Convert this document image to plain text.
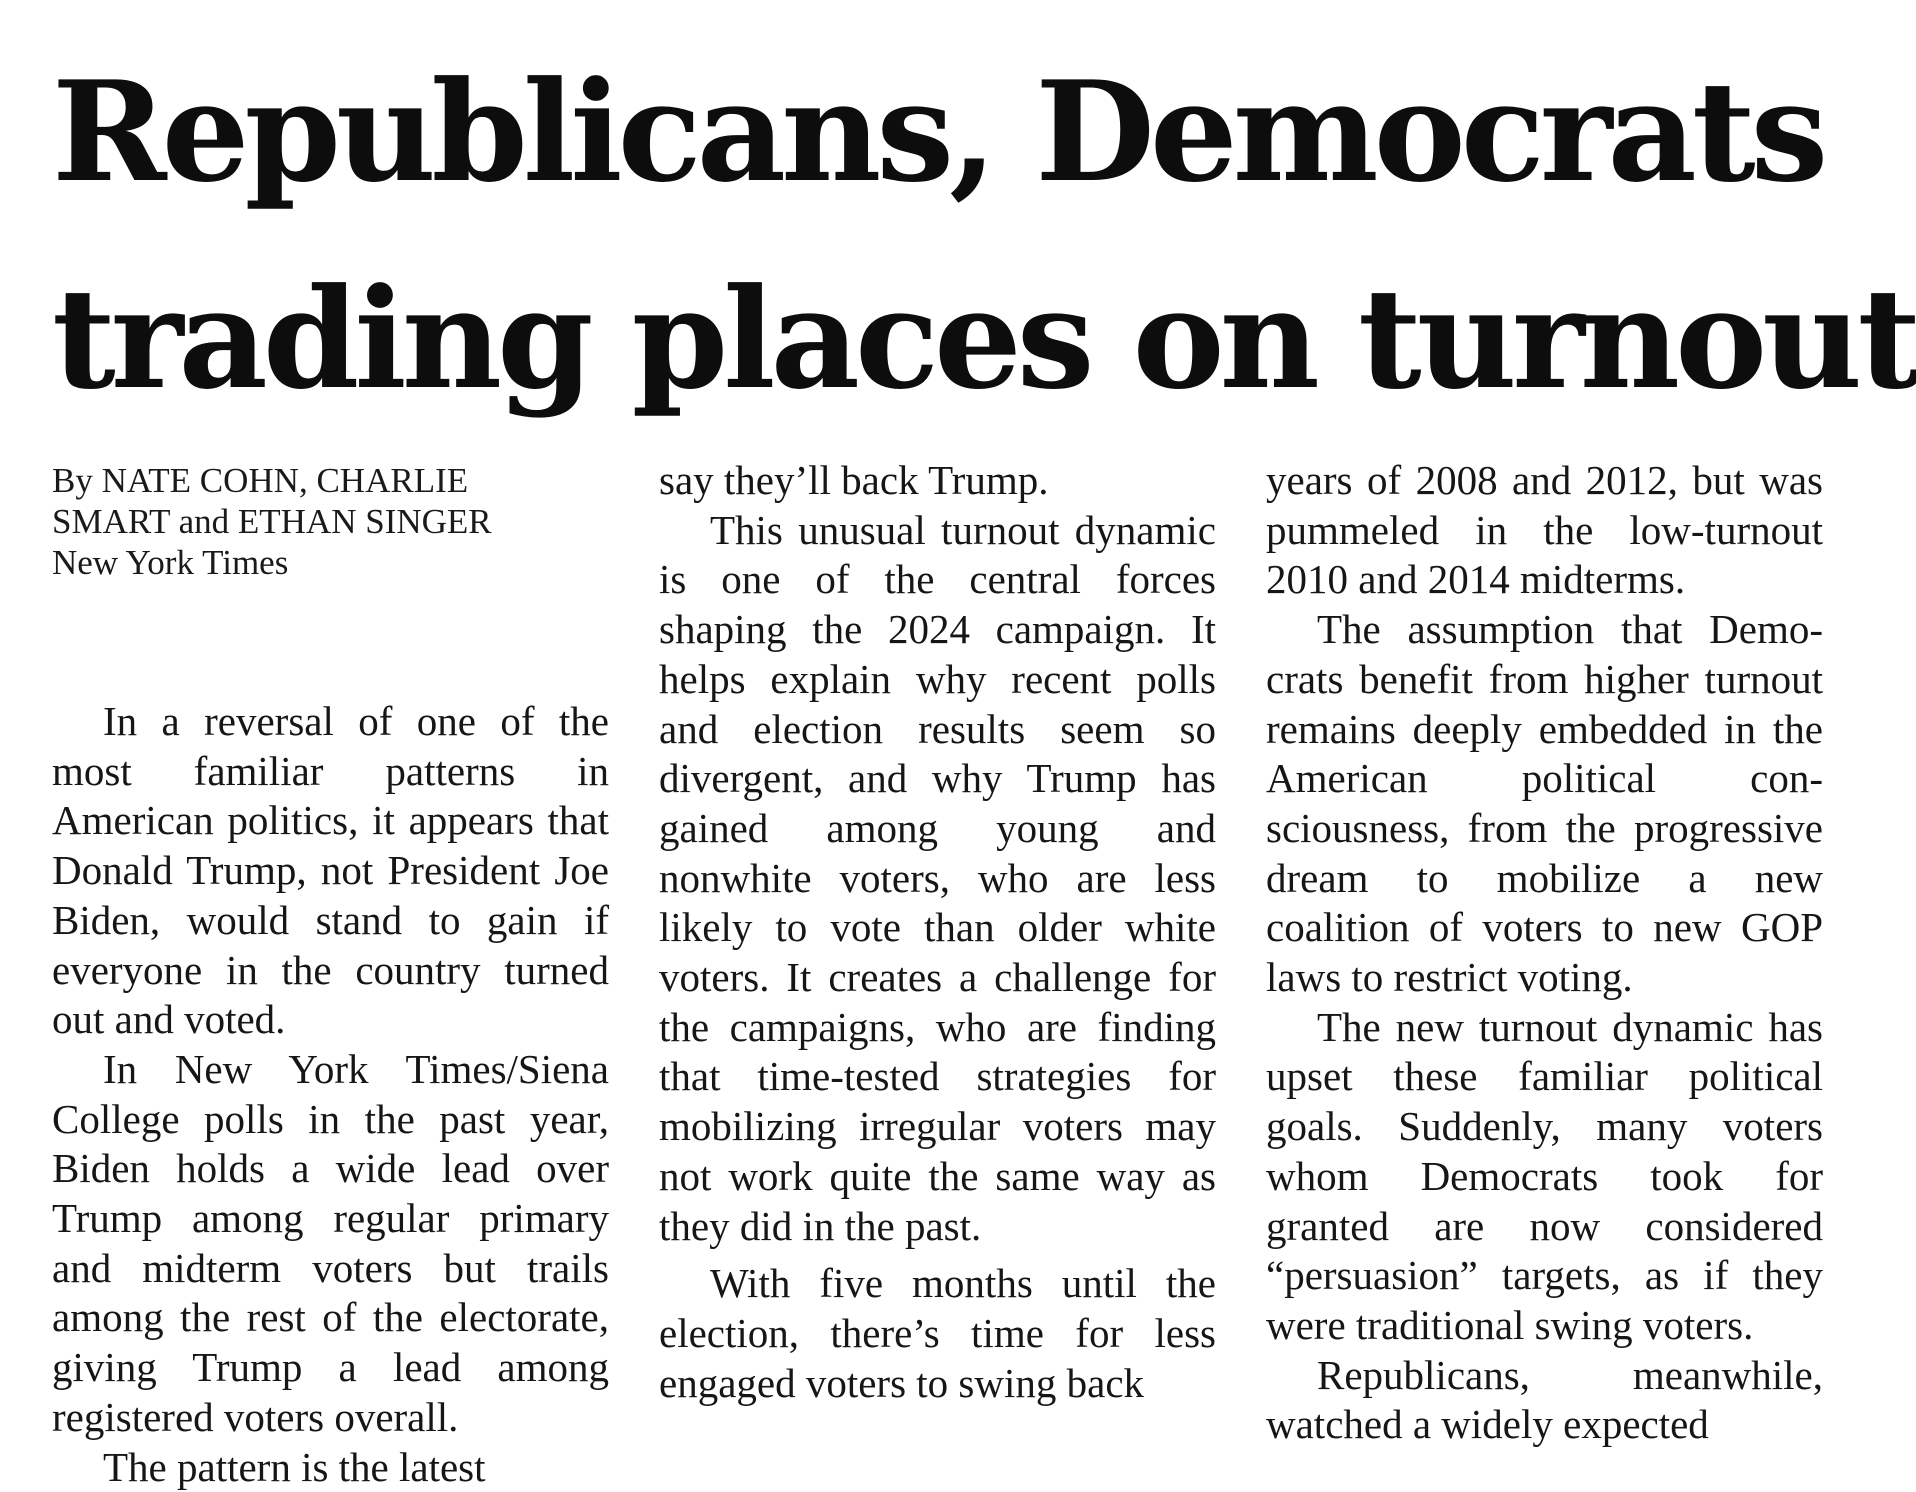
Republicans, Democrats
trading places on turnout
By NATE COHN, CHARLIE
SMART and ETHAN SINGER
New York Times

In a reversal of one of the most familiar patterns in American politics, it appears that Donald Trump, not President Joe Biden, would stand to gain if everyone in the country turned out and voted.

In New York Times/Siena College polls in the past year, Biden holds a wide lead over Trump among regular primary and midterm voters but trails among the rest of the electorate, giving Trump a lead among registered voters overall.

The pattern is the latest

say they’ll back Trump.

This unusual turnout dynamic is one of the central forces shaping the 2024 campaign. It helps explain why recent polls and election results seem so divergent, and why Trump has gained among young and nonwhite voters, who are less likely to vote than older white voters. It creates a challenge for the campaigns, who are finding that time-tested strategies for mobilizing irregular voters may not work quite the same way as they did in the past.

With five months until the election, there’s time for less engaged voters to swing back

years of 2008 and 2012, but was pummeled in the low-turnout 2010 and 2014 midterms.

The assumption that Democrats benefit from higher turnout remains deeply embedded in the American political consciousness, from the progressive dream to mobilize a new coalition of voters to new GOP laws to restrict voting.

The new turnout dynamic has upset these familiar political goals. Suddenly, many voters whom Democrats took for granted are now considered “persuasion” targets, as if they were traditional swing voters.

Republicans, meanwhile, watched a widely expected
